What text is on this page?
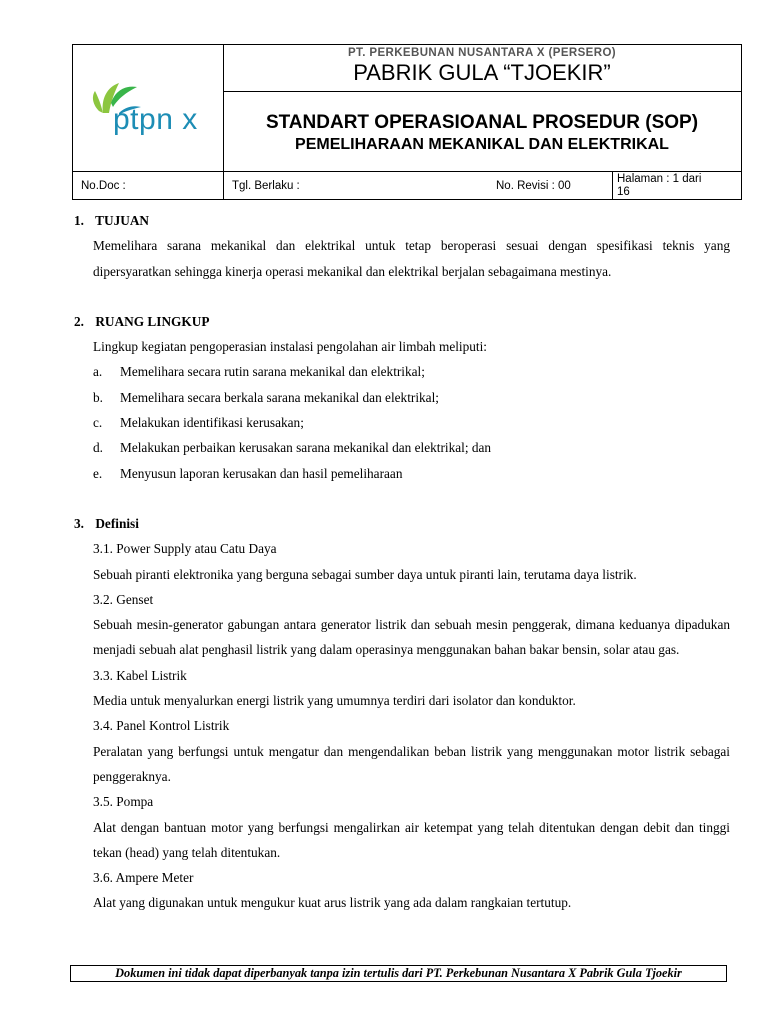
ptpn x
PT. PERKEBUNAN NUSANTARA X (PERSERO)
PABRIK GULA “TJOEKIR”
STANDART OPERASIOANAL PROSEDUR (SOP)
PEMELIHARAAN MEKANIKAL DAN ELEKTRIKAL
No.Doc :	Tgl. Berlaku :	No. Revisi : 00
Halaman : 1 dari
16
1. TUJUAN
Memelihara sarana mekanikal dan elektrikal untuk tetap beroperasi sesuai dengan spesifikasi teknis yang dipersyaratkan sehingga kinerja operasi mekanikal dan elektrikal berjalan sebagaimana mestinya.
2. RUANG LINGKUP
Lingkup kegiatan pengoperasian instalasi pengolahan air limbah meliputi:
a. Memelihara secara rutin sarana mekanikal dan elektrikal;
b. Memelihara secara berkala sarana mekanikal dan elektrikal;
c. Melakukan identifikasi kerusakan;
d. Melakukan perbaikan kerusakan sarana mekanikal dan elektrikal; dan
e. Menyusun laporan kerusakan dan hasil pemeliharaan
3. Definisi
3.1. Power Supply atau Catu Daya
Sebuah piranti elektronika yang berguna sebagai sumber daya untuk piranti lain, terutama daya listrik.
3.2. Genset
Sebuah mesin-generator gabungan antara generator listrik dan sebuah mesin penggerak, dimana keduanya dipadukan menjadi sebuah alat penghasil listrik yang dalam operasinya menggunakan bahan bakar bensin, solar atau gas.
3.3. Kabel Listrik
Media untuk menyalurkan energi listrik yang umumnya terdiri dari isolator dan konduktor.
3.4. Panel Kontrol Listrik
Peralatan yang berfungsi untuk mengatur dan mengendalikan beban listrik yang menggunakan motor listrik sebagai penggeraknya.
3.5. Pompa
Alat dengan bantuan motor yang berfungsi mengalirkan air ketempat yang telah ditentukan dengan debit dan tinggi tekan (head) yang telah ditentukan.
3.6. Ampere Meter
Alat yang digunakan untuk mengukur kuat arus listrik yang ada dalam rangkaian tertutup.
Dokumen ini tidak dapat diperbanyak tanpa izin tertulis dari PT. Perkebunan Nusantara X Pabrik Gula Tjoekir
